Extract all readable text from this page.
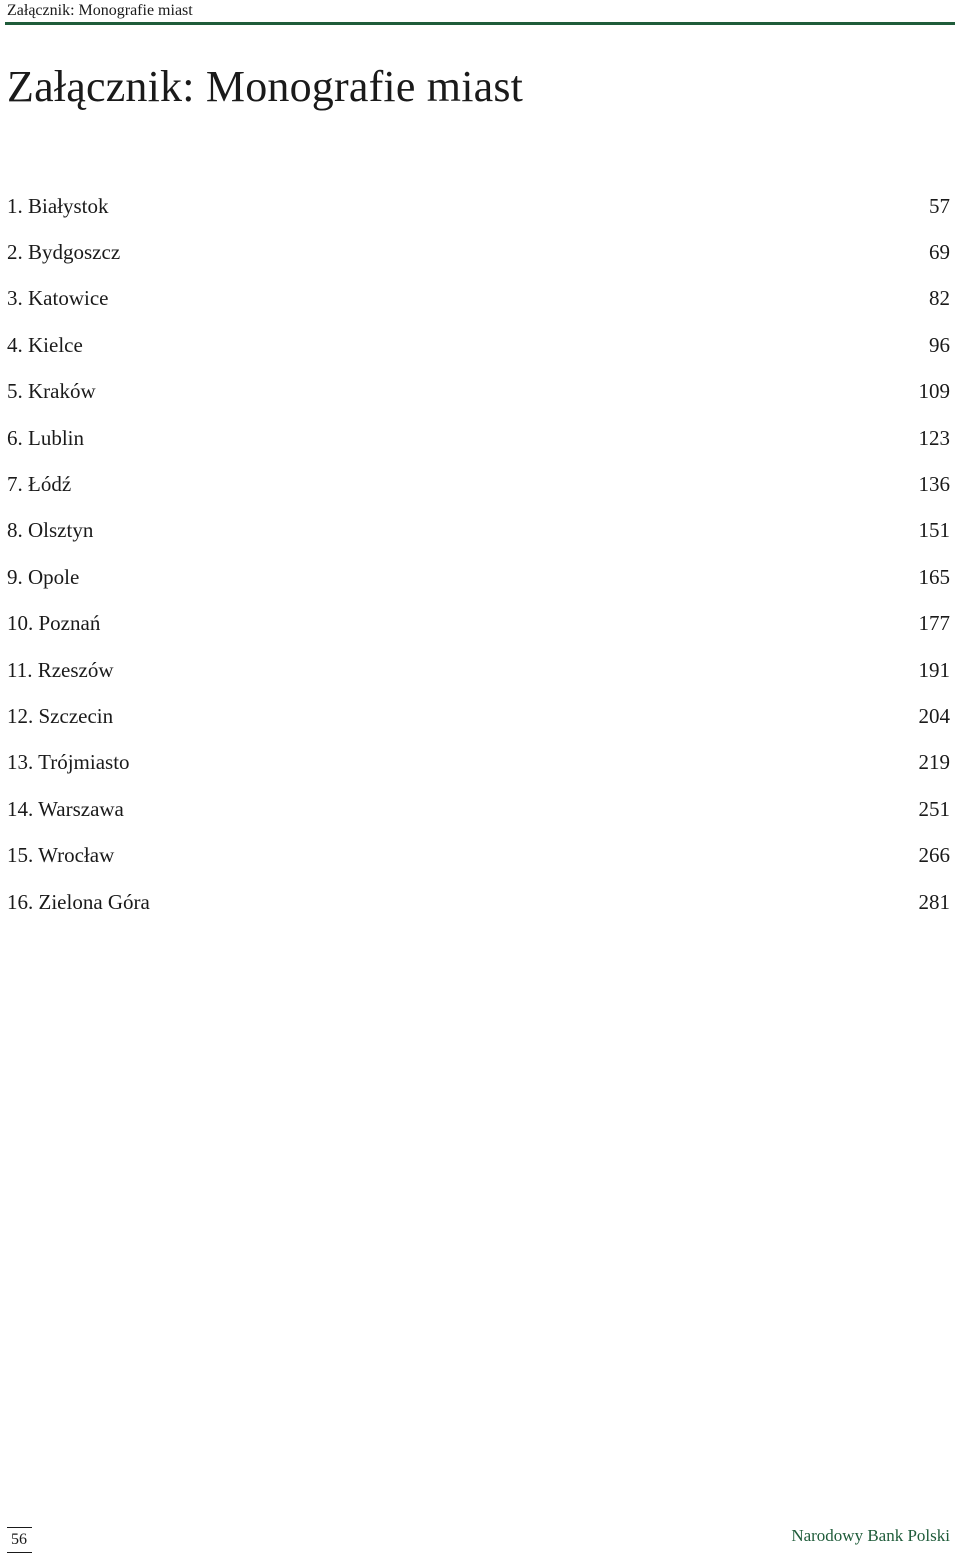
Załącznik: Monografie miast
Załącznik: Monografie miast
1. Białystok	57
2. Bydgoszcz	69
3. Katowice	82
4. Kielce	96
5. Kraków	109
6. Lublin	123
7. Łódź	136
8. Olsztyn	151
9. Opole	165
10. Poznań	177
11. Rzeszów	191
12. Szczecin	204
13. Trójmiasto	219
14. Warszawa	251
15. Wrocław	266
16. Zielona Góra	281
56	Narodowy Bank Polski
